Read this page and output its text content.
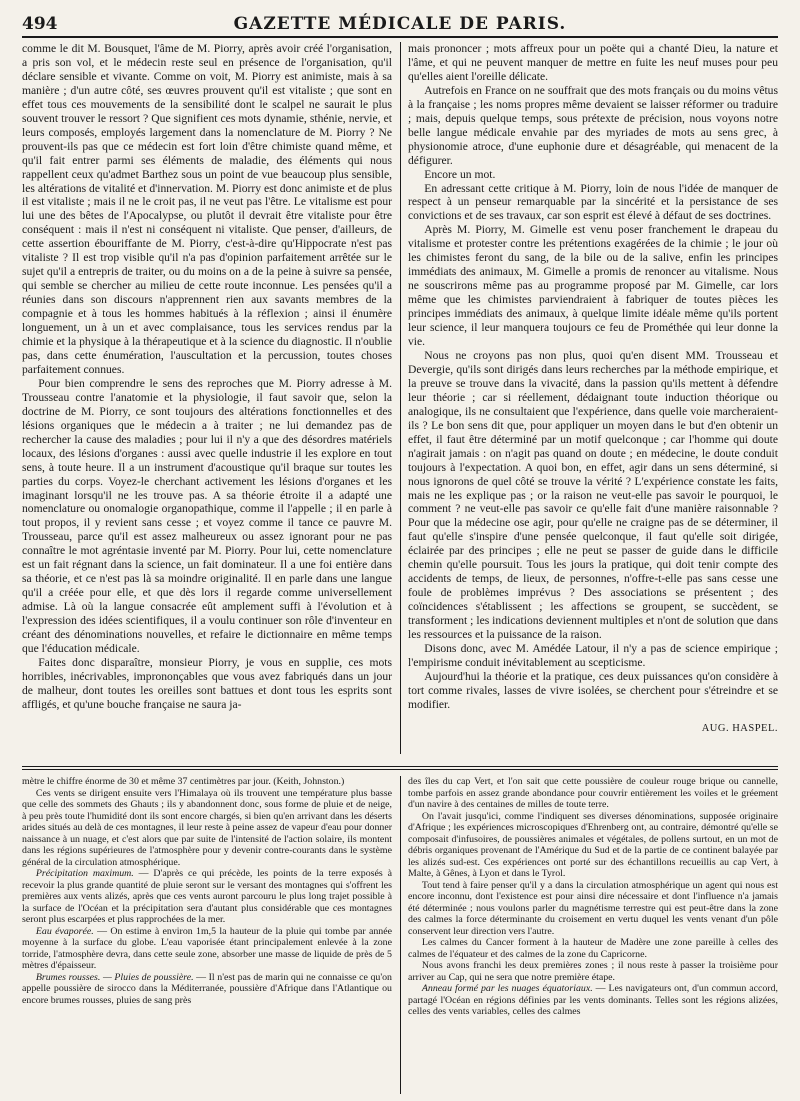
494	GAZETTE MÉDICALE DE PARIS.

comme le dit M. Bousquet, l'âme de M. Piorry, après avoir créé l'organisation, a pris son vol, et le médecin reste seul en présence de l'organisation, qu'il déclare sensible et vivante. Comme on voit, M. Piorry est animiste, mais à sa manière ; d'un autre côté, ses œuvres prouvent qu'il est vitaliste ; que sont en effet tous ces mouvements de la sensibilité dont le scalpel ne saurait le plus souvent trouver le ressort ? Que signifient ces mots dynamie, sthénie, nervie, et leurs composés, employés largement dans la nomenclature de M. Piorry ? Ne prouvent-ils pas que ce médecin est fort loin d'être chimiste quand même, et qu'il fait entrer parmi ses éléments de maladie, des éléments qui nous rappellent ceux qu'admet Barthez sous un point de vue beaucoup plus sensible, les altérations de vitalité et d'innervation. M. Piorry est donc animiste et de plus il est vitaliste ; mais il ne le croit pas, il ne veut pas l'être. Le vitalisme est pour lui une des bêtes de l'Apocalypse, ou plutôt il devrait être vitaliste pour être conséquent : mais il n'est ni conséquent ni vitaliste. Que penser, d'ailleurs, de cette assertion ébouriffante de M. Piorry, c'est-à-dire qu'Hippocrate n'est pas vitaliste ? Il est trop visible qu'il n'a pas d'opinion parfaitement arrêtée sur le sujet qu'il a entrepris de traiter, ou du moins on a de la peine à suivre sa pensée, qui semble se chercher au milieu de cette route inconnue. Les pensées qu'il a réunies dans son discours n'apprennent rien aux savants membres de la compagnie et à tous les hommes habitués à la réflexion ; ainsi il énumère longuement, un à un et avec complaisance, tous les services rendus par la chimie et la physique à la thérapeutique et à la science du diagnostic. Il n'oublie pas, dans cette énumération, l'auscultation et la percussion, toutes choses parfaitement connues.

Pour bien comprendre le sens des reproches que M. Piorry adresse à M. Trousseau contre l'anatomie et la physiologie, il faut savoir que, selon la doctrine de M. Piorry, ce sont toujours des altérations fonctionnelles et des lésions organiques que le médecin a à traiter ; ne lui demandez pas de rechercher la cause des maladies ; pour lui il n'y a que des désordres matériels locaux, des lésions d'organes : aussi avec quelle industrie il les explore en tout sens, à toute heure. Il a un instrument d'acoustique qu'il braque sur toutes les parties du corps. Voyez-le cherchant activement les lésions d'organes et les imaginant lorsqu'il ne les trouve pas. A sa théorie étroite il a adapté une nomenclature ou onomalogie organopathique, comme il l'appelle ; il en parle à tout propos, il y revient sans cesse ; et voyez comme il tance ce pauvre M. Trousseau, parce qu'il est assez malheureux ou assez ignorant pour ne pas connaître le mot agréntasie inventé par M. Piorry. Pour lui, cette nomenclature est un fait régnant dans la science, un fait dominateur. Il a une foi entière dans sa théorie, et ce n'est pas là sa moindre originalité. Il en parle dans une langue qu'il a créée pour elle, et que dès lors il regarde comme universellement admise. Là où la langue consacrée eût amplement suffi à l'évolution et à l'expression des idées scientifiques, il a voulu continuer son rôle d'inventeur en créant des dénominations nouvelles, et refaire le dictionnaire en même temps que l'éducation médicale.

Faites donc disparaître, monsieur Piorry, je vous en supplie, ces mots horribles, inécrivables, imprononçables que vous avez fabriqués dans un jour de malheur, dont toutes les oreilles sont battues et dont tous les esprits sont affligés, et qu'une bouche française ne saura ja-

mais prononcer ; mots affreux pour un poëte qui a chanté Dieu, la nature et l'âme, et qui ne peuvent manquer de mettre en fuite les neuf muses pour peu qu'elles aient l'oreille délicate.

Autrefois en France on ne souffrait que des mots français ou du moins vêtus à la française ; les noms propres même devaient se laisser réformer ou traduire ; mais, depuis quelque temps, sous prétexte de précision, nous voyons notre belle langue médicale envahie par des myriades de mots au sens grec, à physionomie atroce, d'une euphonie dure et désagréable, qui menacent de la défigurer.

Encore un mot.

En adressant cette critique à M. Piorry, loin de nous l'idée de manquer de respect à un penseur remarquable par la sincérité et la persistance de ses convictions et de ses travaux, car son esprit est élevé à défaut de ses doctrines.

Après M. Piorry, M. Gimelle est venu poser franchement le drapeau du vitalisme et protester contre les prétentions exagérées de la chimie ; le jour où les chimistes feront du sang, de la bile ou de la salive, enfin les principes immédiats des animaux, M. Gimelle a promis de renoncer au vitalisme. Nous ne souscrirons même pas au programme proposé par M. Gimelle, car lors même que les chimistes parviendraient à fabriquer de toutes pièces les principes immédiats des animaux, à quelque limite idéale même qu'ils portent leur science, il leur manquera toujours ce feu de Prométhée qui leur donne la vie.

Nous ne croyons pas non plus, quoi qu'en disent MM. Trousseau et Devergie, qu'ils sont dirigés dans leurs recherches par la méthode empirique, et la preuve se trouve dans la vivacité, dans la passion qu'ils mettent à défendre leur théorie ; car si réellement, dédaignant toute induction théorique ou analogique, ils ne consultaient que l'expérience, dans quelle voie marcheraient-ils ? Le bon sens dit que, pour appliquer un moyen dans le but d'en obtenir un effet, il faut être déterminé par un motif quelconque ; car l'homme qui doute n'agirait jamais : on n'agit pas quand on doute ; en médecine, le doute conduit toujours à l'expectation. A quoi bon, en effet, agir dans un sens déterminé, si nous ignorons de quel côté se trouve la vérité ? L'expérience constate les faits, mais ne les explique pas ; or la raison ne veut-elle pas savoir le pourquoi, le comment ? ne veut-elle pas savoir ce qu'elle fait d'une manière raisonnable ? Pour que la médecine ose agir, pour qu'elle ne craigne pas de se déterminer, il faut qu'elle s'inspire d'une pensée quelconque, il faut qu'elle soit dirigée, éclairée par des principes ; elle ne peut se passer de guide dans le difficile chemin qu'elle poursuit. Tous les jours la pratique, qui doit tenir compte des accidents de temps, de lieux, de personnes, n'offre-t-elle pas sans cesse une foule de problèmes imprévus ? Des associations se présentent ; des coïncidences s'établissent ; les affections se groupent, se succèdent, se transforment ; les indications deviennent multiples et n'ont de solution que dans les ressources et la puissance de la raison.

Disons donc, avec M. Amédée Latour, il n'y a pas de science empirique ; l'empirisme conduit inévitablement au scepticisme.

Aujourd'hui la théorie et la pratique, ces deux puissances qu'on considère à tort comme rivales, lasses de vivre isolées, se cherchent pour s'étreindre et se modifier.

AUG. HASPEL.

mètre le chiffre énorme de 30 et même 37 centimètres par jour. (Keith, Johnston.)

Ces vents se dirigent ensuite vers l'Himalaya où ils trouvent une température plus basse que celle des sommets des Ghauts ; ils y abandonnent donc, sous forme de pluie et de neige, à peu près toute l'humidité dont ils sont encore chargés, si bien qu'en arrivant dans les déserts arides situés au delà de ces montagnes, il leur reste à peine assez de vapeur d'eau pour donner naissance à un nuage, et c'est alors que par suite de l'intensité de l'action solaire, ils montent dans les régions supérieures de l'atmosphère pour y devenir contre-courants dans le système général de la circulation atmosphérique.

Précipitation maximum. — D'après ce qui précède, les points de la terre exposés à recevoir la plus grande quantité de pluie seront sur le versant des montagnes qui s'offrent les premières aux vents alizés, après que ces vents auront parcouru le plus long trajet possible à la surface de l'Océan et la précipitation sera d'autant plus considérable que ces montagnes seront plus escarpées et plus rapprochées de la mer.

Eau évaporée. — On estime à environ 1m,5 la hauteur de la pluie qui tombe par année moyenne à la surface du globe. L'eau vaporisée étant principalement enlevée à la zone torride, l'atmosphère devra, dans cette seule zone, absorber une masse de liquide de près de 5 mètres d'épaisseur.

Brumes rousses. — Pluies de poussière. — Il n'est pas de marin qui ne connaisse ce qu'on appelle poussière de sirocco dans la Méditerranée, poussière d'Afrique dans l'Atlantique ou encore brumes rousses, pluies de sang près

des îles du cap Vert, et l'on sait que cette poussière de couleur rouge brique ou cannelle, tombe parfois en assez grande abondance pour couvrir entièrement les voiles et le gréement d'un navire à des centaines de milles de toute terre.

On l'avait jusqu'ici, comme l'indiquent ses diverses dénominations, supposée originaire d'Afrique ; les expériences microscopiques d'Ehrenberg ont, au contraire, démontré qu'elle se composait d'infusoires, de poussières animales et végétales, de pollens surtout, en un mot de débris organiques provenant de l'Amérique du Sud et de la partie de ce continent balayée par les alizés sud-est. Ces expériences ont porté sur des échantillons recueillis au cap Vert, à Malte, à Gênes, à Lyon et dans le Tyrol.

Tout tend à faire penser qu'il y a dans la circulation atmosphérique un agent qui nous est encore inconnu, dont l'existence est pour ainsi dire nécessaire et dont l'influence n'a jamais été déterminée ; nous voulons parler du magnétisme terrestre qui est peut-être dans la zone des calmes la force déterminante du croisement en vertu duquel les vents venant d'un pôle conservent leur direction vers l'autre.

Les calmes du Cancer forment à la hauteur de Madère une zone pareille à celles des calmes de l'équateur et des calmes de la zone du Capricorne.

Nous avons franchi les deux premières zones ; il nous reste à passer la troisième pour arriver au Cap, qui ne sera que notre première étape.

Anneau formé par les nuages équatoriaux. — Les navigateurs ont, d'un commun accord, partagé l'Océan en régions définies par les vents dominants. Telles sont les régions alizées, celles des vents variables, celles des calmes
